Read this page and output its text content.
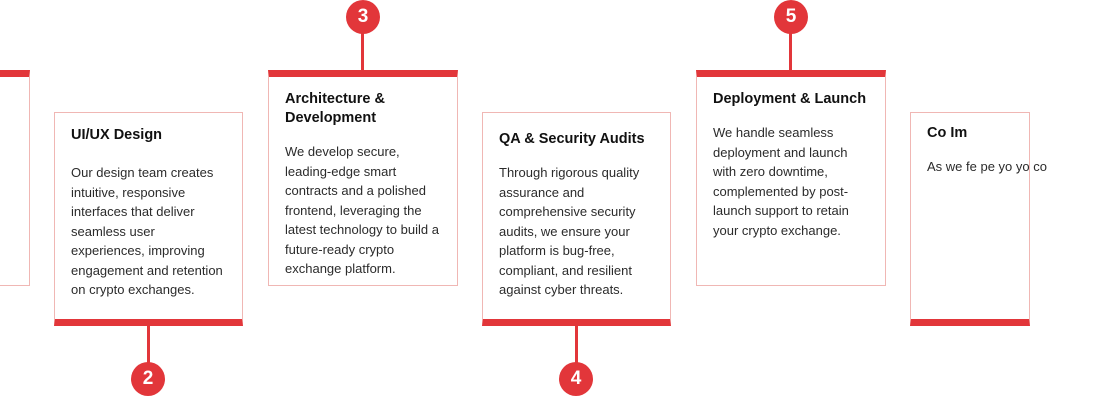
UI/UX Design

Our design team creates intuitive, responsive interfaces that deliver seamless user experiences, improving engagement and retention on crypto exchanges.

2
Architecture & Development

We develop secure, leading-edge smart contracts and a polished frontend, leveraging the latest technology to build a future-ready crypto exchange platform.

3
QA & Security Audits

Through rigorous quality assurance and comprehensive security audits, we ensure your platform is bug-free, compliant, and resilient against cyber threats.

4
Deployment & Launch

We handle seamless deployment and launch with zero downtime, complemented by post-launch support to retain your crypto exchange.

5
Co Im

As we fe pe yo yo co
